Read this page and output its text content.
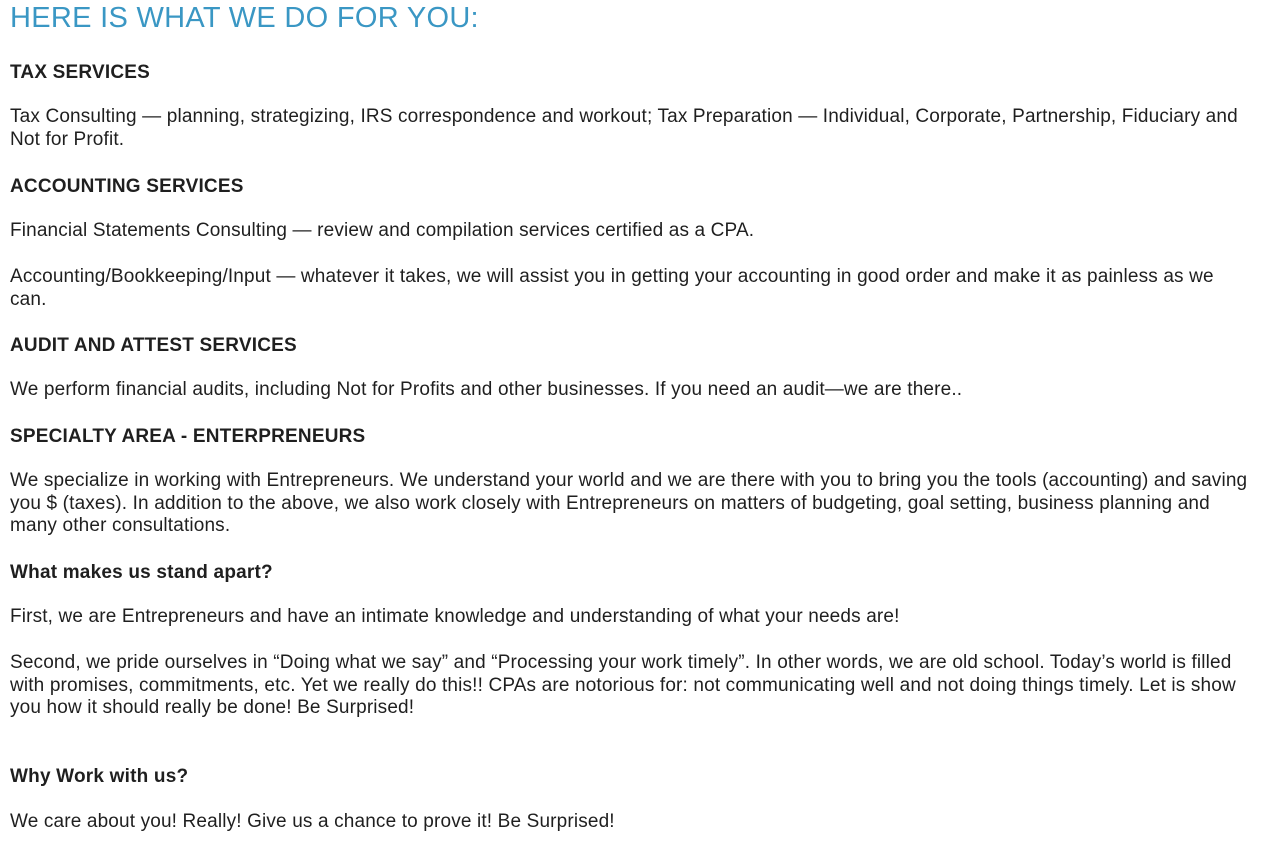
HERE IS WHAT WE DO FOR YOU:
TAX SERVICES

Tax Consulting — planning, strategizing, IRS correspondence and workout; Tax Preparation — Individual, Corporate, Partnership, Fiduciary and Not for Profit.

ACCOUNTING SERVICES

Financial Statements Consulting — review and compilation services certified as a CPA.

Accounting/Bookkeeping/Input — whatever it takes, we will assist you in getting your accounting in good order and make it as painless as we can.

AUDIT AND ATTEST SERVICES

We perform financial audits, including Not for Profits and other businesses. If you need an audit—we are there..

SPECIALTY AREA - ENTERPRENEURS

We specialize in working with Entrepreneurs. We understand your world and we are there with you to bring you the tools (accounting) and saving you $ (taxes). In addition to the above, we also work closely with Entrepreneurs on matters of budgeting, goal setting, business planning and many other consultations.

What makes us stand apart?

First, we are Entrepreneurs and have an intimate knowledge and understanding of what your needs are!

Second, we pride ourselves in “Doing what we say” and “Processing your work timely”. In other words, we are old school. Today’s world is filled with promises, commitments, etc. Yet we really do this!! CPAs are notorious for: not communicating well and not doing things timely. Let is show you how it should really be done! Be Surprised!

Why Work with us?

We care about you! Really! Give us a chance to prove it! Be Surprised!
